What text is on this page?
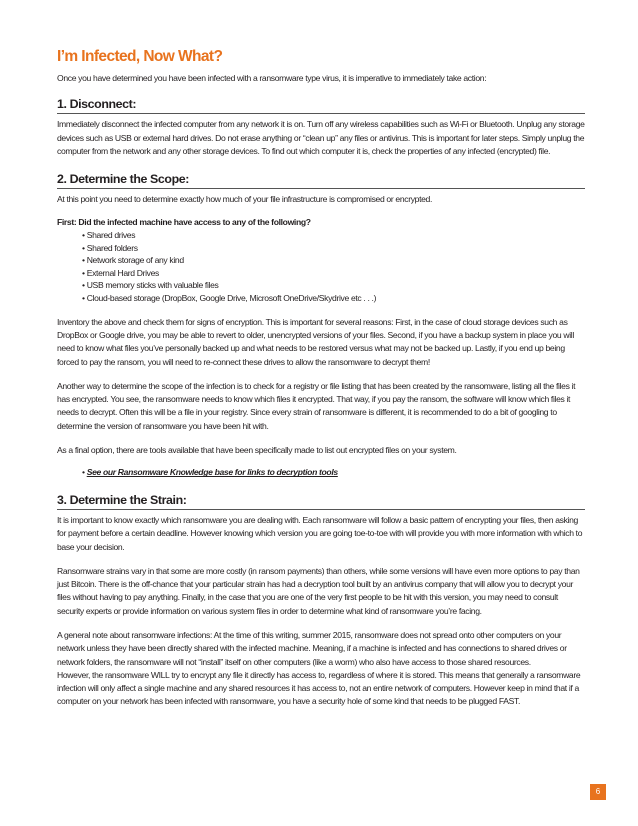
I’m Infected, Now What?

Once you have determined you have been infected with a ransomware type virus, it is imperative to immediately take action:

1. Disconnect:

Immediately disconnect the infected computer from any network it is on. Turn off any wireless capabilities such as Wi-Fi or Bluetooth. Unplug any storage devices such as USB or external hard drives. Do not erase anything or “clean up” any files or antivirus. This is important for later steps. Simply unplug the computer from the network and any other storage devices. To find out which computer it is, check the properties of any infected (encrypted) file.

2. Determine the Scope:

At this point you need to determine exactly how much of your file infrastructure is compromised or encrypted.

First: Did the infected machine have access to any of the following?

• Shared drives
• Shared folders
• Network storage of any kind
• External Hard Drives
• USB memory sticks with valuable files
• Cloud-based storage (DropBox, Google Drive, Microsoft OneDrive/Skydrive etc . . .)

Inventory the above and check them for signs of encryption. This is important for several reasons: First, in the case of cloud storage devices such as DropBox or Google drive, you may be able to revert to older, unencrypted versions of your files. Second, if you have a backup system in place you will need to know what files you’ve personally backed up and what needs to be restored versus what may not be backed up. Lastly, if you end up being forced to pay the ransom, you will need to re-connect these drives to allow the ransomware to decrypt them!

Another way to determine the scope of the infection is to check for a registry or file listing that has been created by the ransomware, listing all the files it has encrypted. You see, the ransomware needs to know which files it encrypted. That way, if you pay the ransom, the software will know which files it needs to decrypt. Often this will be a file in your registry. Since every strain of ransomware is different, it is recommended to do a bit of googling to determine the version of ransomware you have been hit with.

As a final option, there are tools available that have been specifically made to list out encrypted files on your system.

• See our Ransomware Knowledge base for links to decryption tools
3. Determine the Strain:

It is important to know exactly which ransomware you are dealing with. Each ransomware will follow a basic pattern of encrypting your files, then asking for payment before a certain deadline. However knowing which version you are going toe-to-toe with will provide you with more information with which to base your decision.

Ransomware strains vary in that some are more costly (in ransom payments) than others, while some versions will have even more options to pay than just Bitcoin. There is the off-chance that your particular strain has had a decryption tool built by an antivirus company that will allow you to decrypt your files without having to pay anything. Finally, in the case that you are one of the very first people to be hit with this version, you may need to consult security experts or provide information on various system files in order to determine what kind of ransomware you’re facing.

A general note about ransomware infections: At the time of this writing, summer 2015, ransomware does not spread onto other computers on your network unless they have been directly shared with the infected machine. Meaning, if a machine is infected and has connections to shared drives or network folders, the ransomware will not “install” itself on other computers (like a worm) who also have access to those shared resources.

However, the ransomware WILL try to encrypt any file it directly has access to, regardless of where it is stored. This means that generally a ransomware infection will only affect a single machine and any shared resources it has access to, not an entire network of computers. However keep in mind that if a computer on your network has been infected with ransomware, you have a security hole of some kind that needs to be plugged FAST.

6
